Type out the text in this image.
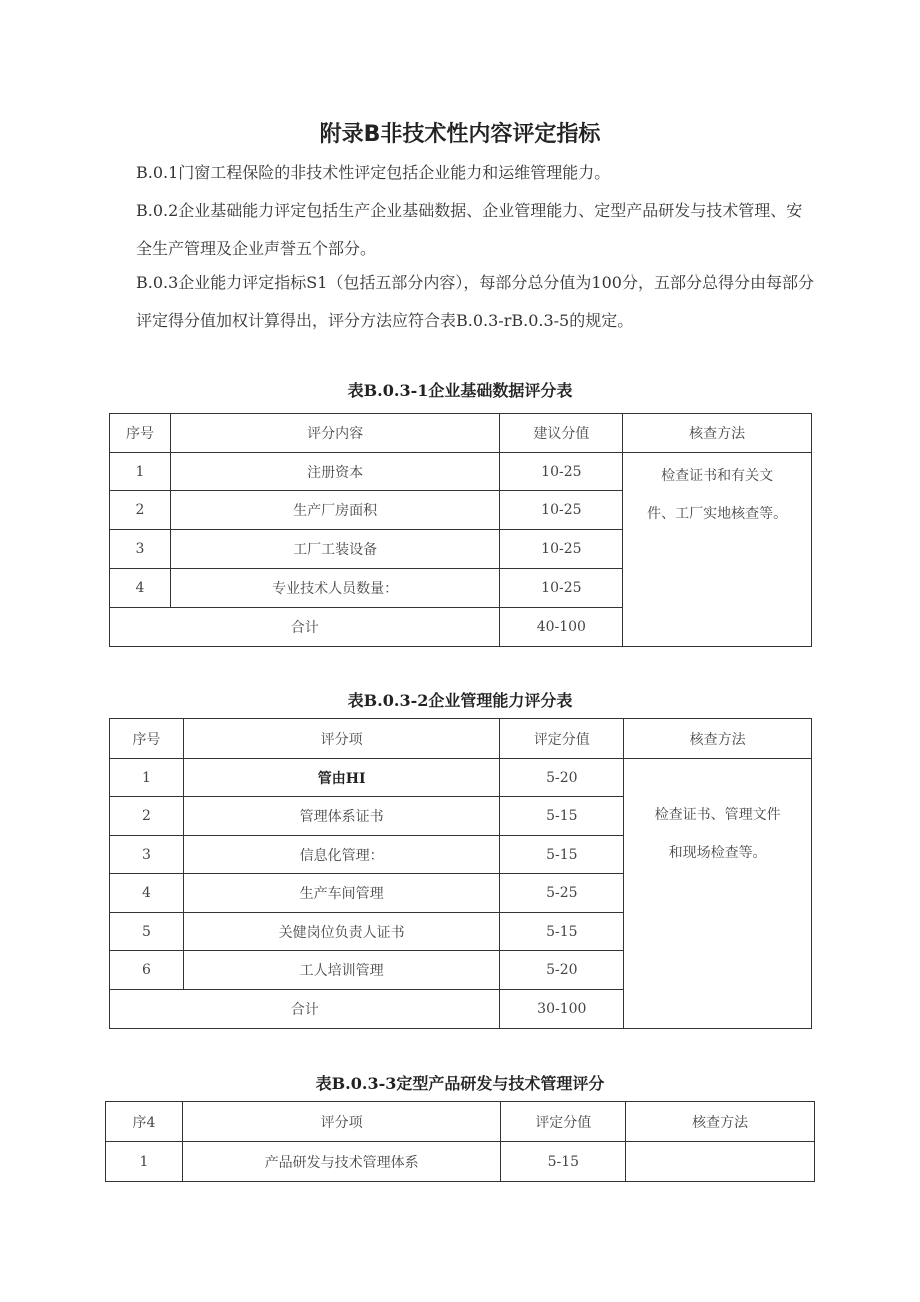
附录B非技术性内容评定指标

B.0.1门窗工程保险的非技术性评定包括企业能力和运维管理能力。

B.0.2企业基础能力评定包括生产企业基础数据、企业管理能力、定型产品研发与技术管理、安全生产管理及企业声誉五个部分。

B.0.3企业能力评定指标S1（包括五部分内容），每部分总分值为100分，五部分总得分由每部分评定得分值加权计算得出，评分方法应符合表B.0.3-rB.0.3-5的规定。

表B.0.3-1企业基础数据评分表
序号	评分内容	建议分值	核查方法
1	注册资本	10-25	检查证书和有关文
件、工厂实地核查等。

2	生产厂房面积	10-25	
3	工厂工装设备	10-25	
4	专业技术人员数量：	10-25	
合计		40-100	
表B.0.3-2企业管理能力评分表
序号	评分项	评定分值	核查方法
1	管由HI	5-20	检查证书、管理文件
和现场检查等。

2	管理体系证书	5-15	
3	信息化管理：	5-15	
4	生产车间管理	5-25	
5	关健岗位负责人证书	5-15	
6	工人培训管理	5-20	
合计		30-100	
表B.0.3-3定型产品研发与技术管理评分
序4	评分项	评定分值	核查方法
1	产品研发与技术管理体系	5-15	
